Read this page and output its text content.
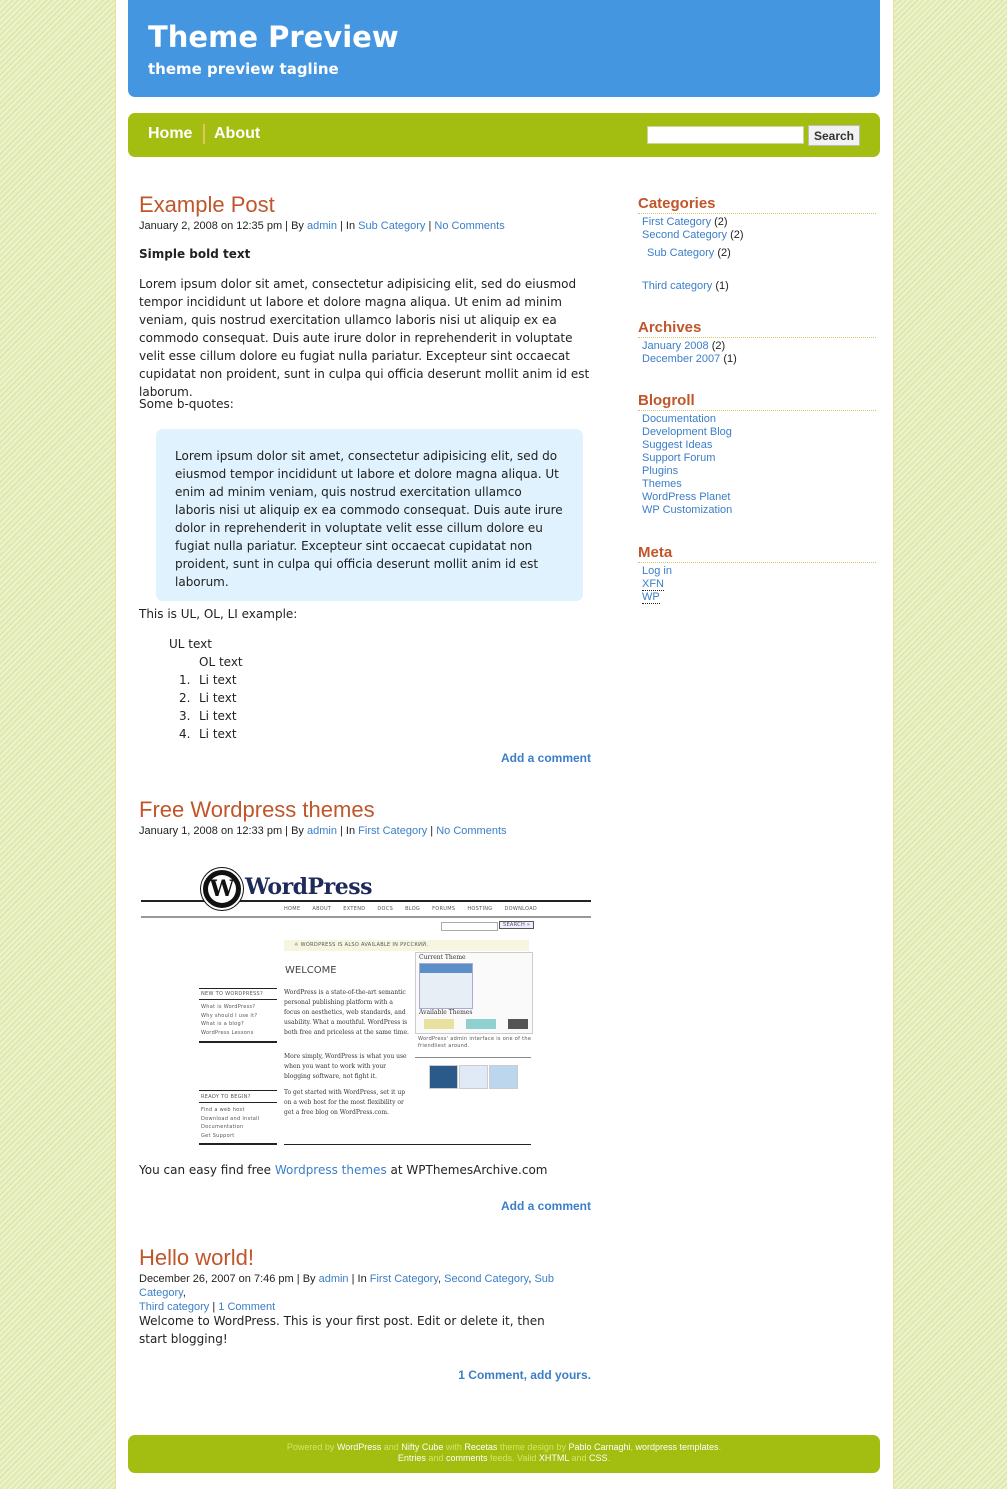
Theme Preview
theme preview tagline
Home About	Search
Example Post
January 2, 2008 on 12:35 pm | By admin | In Sub Category | No Comments
Simple bold text
Lorem ipsum dolor sit amet, consectetur adipisicing elit, sed do eiusmod tempor incididunt ut labore et dolore magna aliqua. Ut enim ad minim veniam, quis nostrud exercitation ullamco laboris nisi ut aliquip ex ea commodo consequat. Duis aute irure dolor in reprehenderit in voluptate velit esse cillum dolore eu fugiat nulla pariatur. Excepteur sint occaecat cupidatat non proident, sunt in culpa qui officia deserunt mollit anim id est laborum.
Some b-quotes:
Lorem ipsum dolor sit amet, consectetur adipisicing elit, sed do eiusmod tempor incididunt ut labore et dolore magna aliqua. Ut enim ad minim veniam, quis nostrud exercitation ullamco laboris nisi ut aliquip ex ea commodo consequat. Duis aute irure dolor in reprehenderit in voluptate velit esse cillum dolore eu fugiat nulla pariatur. Excepteur sint occaecat cupidatat non proident, sunt in culpa qui officia deserunt mollit anim id est laborum.
This is UL, OL, LI example:
UL text
OL text
1. Li text
2. Li text
3. Li text
4. Li text
Add a comment
Free Wordpress themes
January 1, 2008 on 12:33 pm | By admin | In First Category | No Comments
W WordPress
HOME ABOUT EXTEND DOCS BLOG FORUMS HOSTING DOWNLOAD
SEARCH »
☼ WORDPRESS IS ALSO AVAILABLE IN РУССКИЙ.
WELCOME
NEW TO WORDPRESS?
What is WordPress?
Why should I use it?
What is a blog?
WordPress Lessons
READY TO BEGIN?
Find a web host
Download and Install
Documentation
Get Support
WordPress is a state-of-the-art semantic personal publishing platform with a focus on aesthetics, web standards, and usability. What a mouthful. WordPress is both free and priceless at the same time.
More simply, WordPress is what you use when you want to work with your blogging software, not fight it.
To get started with WordPress, set it up on a web host for the most flexibility or get a free blog on WordPress.com.
Current Theme
Available Themes
WordPress' admin interface is one of the friendliest around.
You can easy find free Wordpress themes at WPThemesArchive.com
Add a comment
Hello world!
December 26, 2007 on 7:46 pm | By admin | In First Category, Second Category, Sub Category,
Third category | 1 Comment
Welcome to WordPress. This is your first post. Edit or delete it, then start blogging!
1 Comment, add yours.
Categories
First Category (2)
Second Category (2)
Sub Category (2)
Third category (1)
Archives
January 2008 (2)
December 2007 (1)
Blogroll
Documentation
Development Blog
Suggest Ideas
Support Forum
Plugins
Themes
WordPress Planet
WP Customization
Meta
Log in
XFN
WP
Powered by WordPress and Nifty Cube with Recetas theme design by Pablo Carnaghi, wordpress templates.
Entries and comments feeds. Valid XHTML and CSS.
